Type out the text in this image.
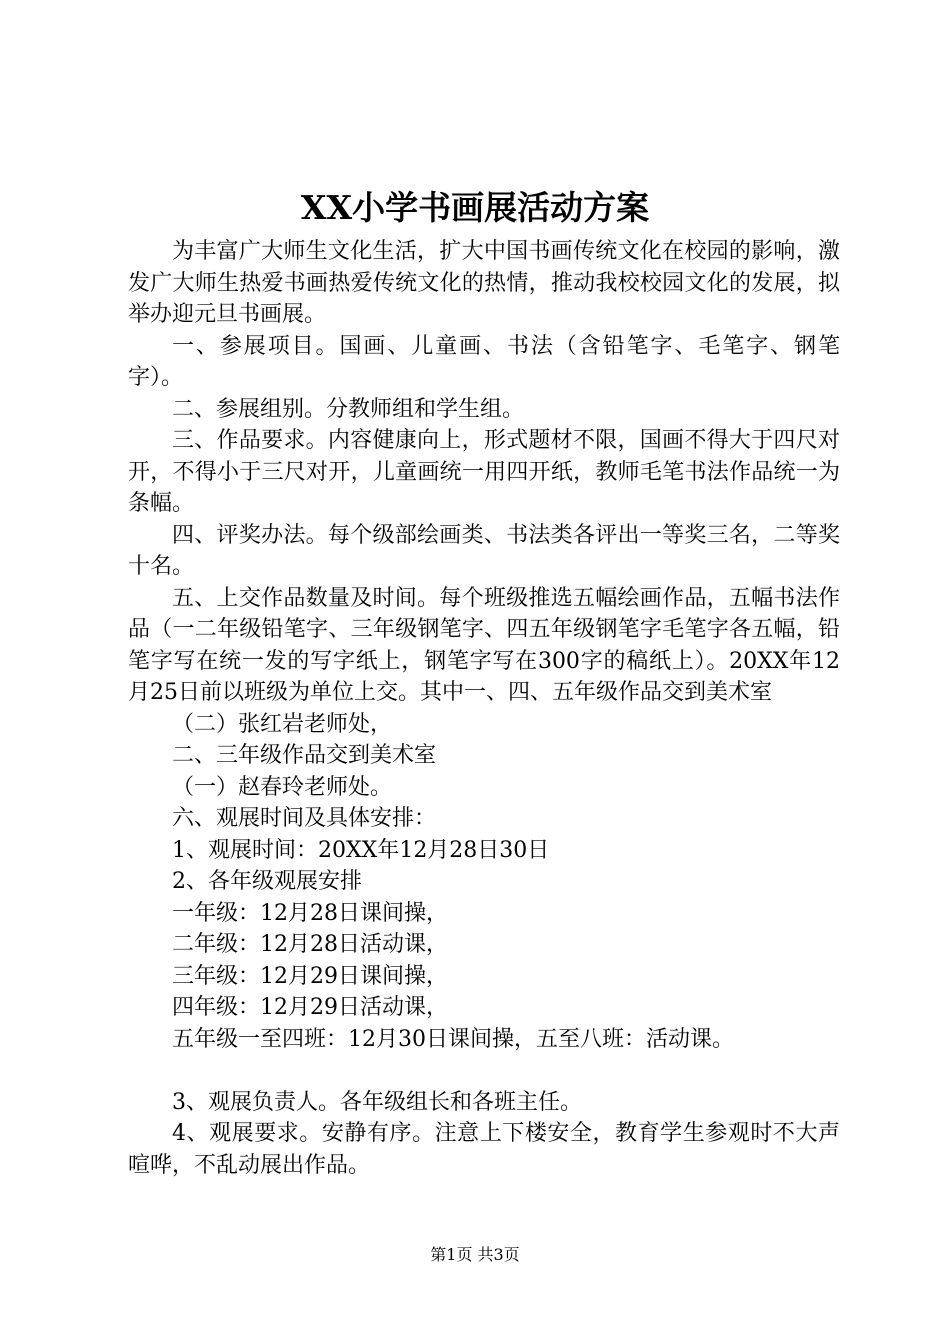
XX小学书画展活动方案

为丰富广大师生文化生活，扩大中国书画传统文化在校园的影响，激发广大师生热爱书画热爱传统文化的热情，推动我校校园文化的发展，拟举办迎元旦书画展。

一、参展项目。国画、儿童画、书法（含铅笔字、毛笔字、钢笔字）。

二、参展组别。分教师组和学生组。

三、作品要求。内容健康向上，形式题材不限，国画不得大于四尺对开，不得小于三尺对开，儿童画统一用四开纸，教师毛笔书法作品统一为条幅。

四、评奖办法。每个级部绘画类、书法类各评出一等奖三名，二等奖十名。

五、上交作品数量及时间。每个班级推选五幅绘画作品，五幅书法作品（一二年级铅笔字、三年级钢笔字、四五年级钢笔字毛笔字各五幅，铅笔字写在统一发的写字纸上，钢笔字写在300字的稿纸上）。20XX年12月25日前以班级为单位上交。其中一、四、五年级作品交到美术室

（二）张红岩老师处，

二、三年级作品交到美术室

（一）赵春玲老师处。

六、观展时间及具体安排：

1、观展时间：20XX年12月28日30日

2、各年级观展安排

一年级：12月28日课间操，

二年级：12月28日活动课，

三年级：12月29日课间操，

四年级：12月29日活动课，

五年级一至四班：12月30日课间操，五至八班：活动课。

3、观展负责人。各年级组长和各班主任。

4、观展要求。安静有序。注意上下楼安全，教育学生参观时不大声喧哗，不乱动展出作品。

第1页 共3页
